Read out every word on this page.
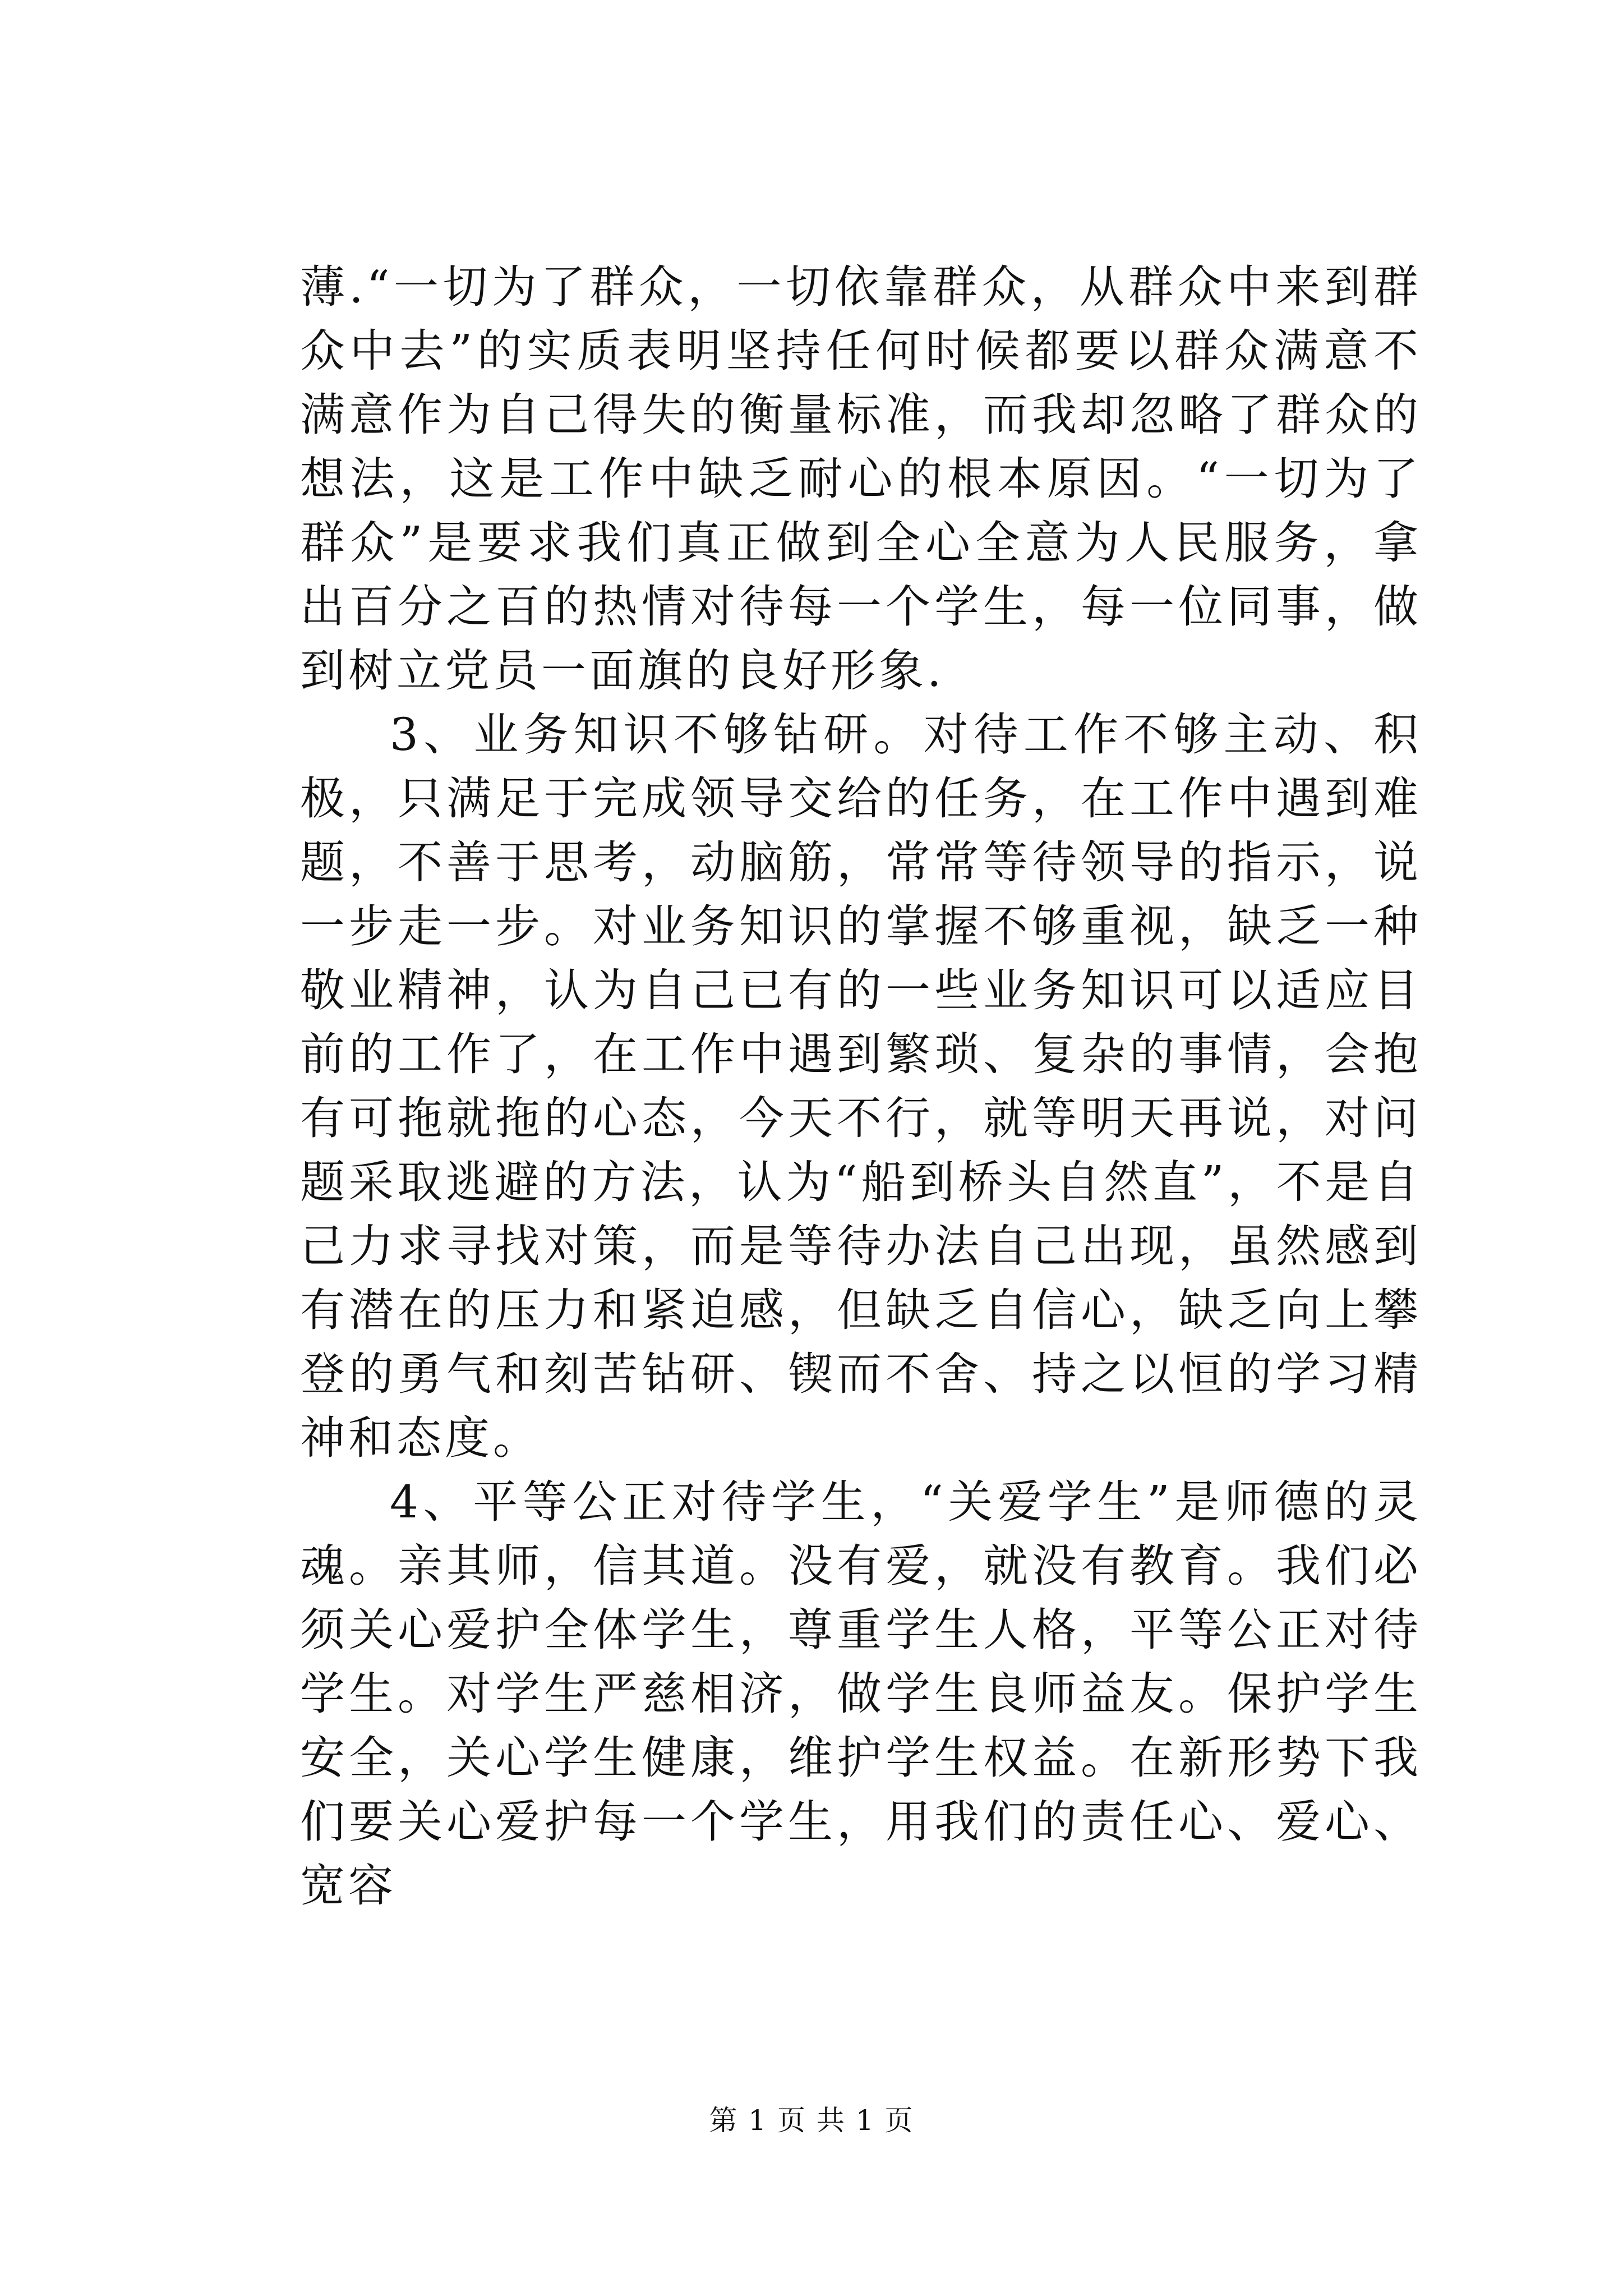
薄.“一切为了群众，一切依靠群众，从群众中来到群众中去”的实质表明坚持任何时候都要以群众满意不满意作为自己得失的衡量标准，而我却忽略了群众的想法，这是工作中缺乏耐心的根本原因。“一切为了群众”是要求我们真正做到全心全意为人民服务，拿出百分之百的热情对待每一个学生，每一位同事，做到树立党员一面旗的良好形象.

3、业务知识不够钻研。对待工作不够主动、积极，只满足于完成领导交给的任务，在工作中遇到难题，不善于思考，动脑筋，常常等待领导的指示，说一步走一步。对业务知识的掌握不够重视，缺乏一种敬业精神，认为自己已有的一些业务知识可以适应目前的工作了，在工作中遇到繁琐、复杂的事情，会抱有可拖就拖的心态，今天不行，就等明天再说，对问题采取逃避的方法，认为“船到桥头自然直”，不是自己力求寻找对策，而是等待办法自己出现，虽然感到有潜在的压力和紧迫感，但缺乏自信心，缺乏向上攀登的勇气和刻苦钻研、锲而不舍、持之以恒的学习精神和态度。

4、平等公正对待学生，“关爱学生”是师德的灵魂。亲其师，信其道。没有爱，就没有教育。我们必须关心爱护全体学生，尊重学生人格，平等公正对待学生。对学生严慈相济，做学生良师益友。保护学生安全，关心学生健康，维护学生权益。在新形势下我们要关心爱护每一个学生，用我们的责任心、爱心、宽容

第 1 页 共 1 页
